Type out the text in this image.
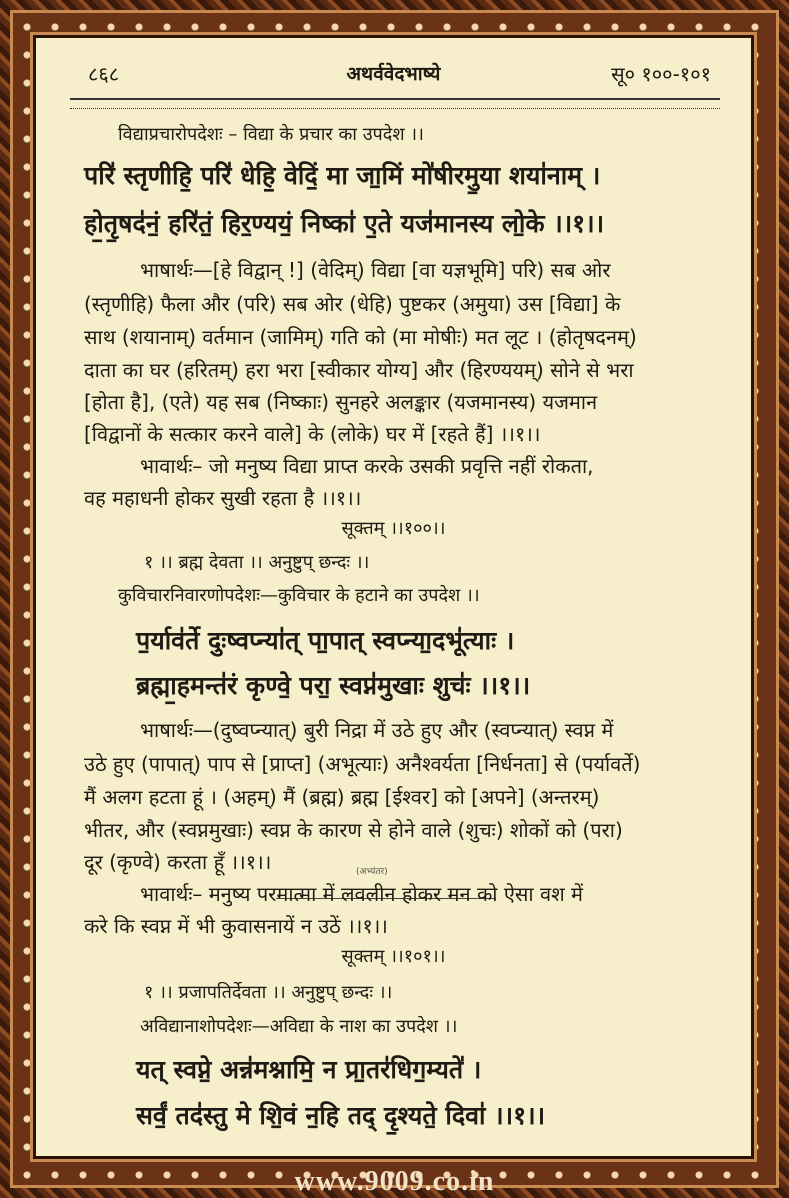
८६८	अथर्ववेदभाष्ये	सू० १००-१०१
विद्याप्रचारोपदेशः – विद्या के प्रचार का उपदेश ।।
परि॑ स्तृणीहि॒ परि॑ धेहि॒ वेदिं॒ मा जा॒मिं मो॑षीरमु॒या शया॑नाम् ।
हो॒तृ॒षद॑नं॒ हरि॑तं॒ हिर॒ण्ययं॒ निष्का॑ ए॒ते यज॑मानस्य लो॒के ।।१।।
भाषार्थः—[हे विद्वान् !] (वेदिम्) विद्या [वा यज्ञभूमि] परि) सब ओर
(स्तृणीहि) फैला और (परि) सब ओर (धेहि) पुष्टकर (अमुया) उस [विद्या] के
साथ (शयानाम्) वर्तमान (जामिम्) गति को (मा मोषीः) मत लूट । (होतृषदनम्)
दाता का घर (हरितम्) हरा भरा [स्वीकार योग्य] और (हिरण्ययम्) सोने से भरा
[होता है], (एते) यह सब (निष्काः) सुनहरे अलङ्कार (यजमानस्य) यजमान
[विद्वानों के सत्कार करने वाले] के (लोके) घर में [रहते हैं] ।।१।।
भावार्थः– जो मनुष्य विद्या प्राप्त करके उसकी प्रवृत्ति नहीं रोकता,
वह महाधनी होकर सुखी रहता है ।।१।।
सूक्तम् ।।१००।।
१ ।। ब्रह्म देवता ।। अनुष्टुप् छन्दः ।।
कुविचारनिवारणोपदेशः—कुविचार के हटाने का उपदेश ।।
प॒र्याव॑र्ते दुःष्वप्न्या॑त् पा॒पात् स्वप्न्या॒दभू॑त्याः ।
ब्रह्मा॒हमन्त॑रं कृण्वे॒ परा॒ स्वप्न॑मुखाः शुचः॑ ।।१।।
भाषार्थः—(दुष्वप्न्यात्) बुरी निद्रा में उठे हुए और (स्वप्न्यात्) स्वप्न में
उठे हुए (पापात्) पाप से [प्राप्त] (अभूत्याः) अनैश्वर्यता [निर्धनता] से (पर्यावर्ते)
मैं अलग हटता हूं । (अहम्) मैं (ब्रह्म) ब्रह्म [ईश्वर] को [अपने] (अन्तरम्)
भीतर, और (स्वप्नमुखाः) स्वप्न के कारण से होने वाले (शुचः) शोकों को (परा)
दूर (कृण्वे) करता हूँ ।।१।।	(अभ्यंतर)
भावार्थः– मनुष्य परमात्मा में लवलीन होकर मन को ऐसा वश में
करे कि स्वप्न में भी कुवासनायें न उठें ।।१।।
सूक्तम् ।।१०१।।
१ ।। प्रजापतिर्देवता ।। अनुष्टुप् छन्दः ।।
अविद्यानाशोपदेशः—अविद्या के नाश का उपदेश ।।
यत् स्वप्ने॒ अन्न॑मश्नामि॒ न प्रा॒तर॑धिग॒म्यते॑ ।
सर्वं॒ तद॑स्तु मे शि॒वं न॒हि तद् दृ॒श्यते॒ दिवा॑ ।।१।।
www.9009.co.in
